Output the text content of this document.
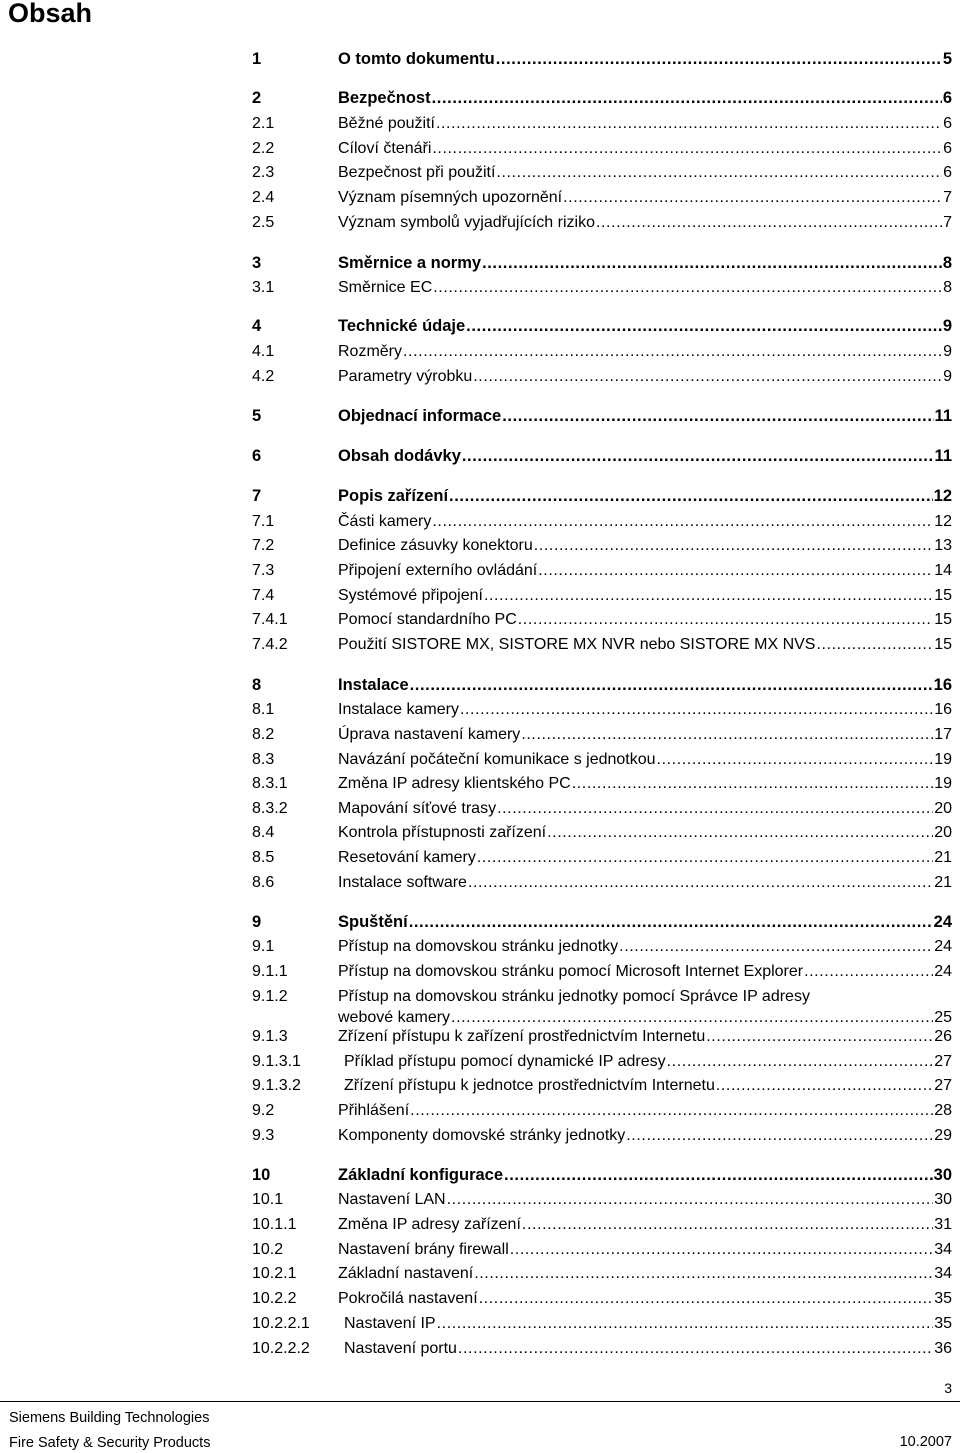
Obsah
1	O tomto dokumentu .....	5
2	Bezpečnost .....	6
2.1	Běžné použití .....	6
2.2	Cíloví čtenáři .....	6
2.3	Bezpečnost při použití .....	6
2.4	Význam písemných upozornění .....	7
2.5	Význam symbolů vyjadřujících riziko .....	7
3	Směrnice a normy .....	8
3.1	Směrnice EC .....	8
4	Technické údaje .....	9
4.1	Rozměry .....	9
4.2	Parametry výrobku .....	9
5	Objednací informace .....	11
6	Obsah dodávky .....	11
7	Popis zařízení .....	12
7.1	Části kamery .....	12
7.2	Definice zásuvky konektoru .....	13
7.3	Připojení externího ovládání .....	14
7.4	Systémové připojení .....	15
7.4.1	Pomocí standardního PC .....	15
7.4.2	Použití SISTORE MX, SISTORE MX NVR nebo SISTORE MX NVS .....	15
8	Instalace .....	16
8.1	Instalace kamery .....	16
8.2	Úprava nastavení kamery .....	17
8.3	Navázání počáteční komunikace s jednotkou .....	19
8.3.1	Změna IP adresy klientského PC .....	19
8.3.2	Mapování síťové trasy .....	20
8.4	Kontrola přístupnosti zařízení .....	20
8.5	Resetování kamery .....	21
8.6	Instalace software .....	21
9	Spuštění .....	24
9.1	Přístup na domovskou stránku jednotky .....	24
9.1.1	Přístup na domovskou stránku pomocí Microsoft Internet Explorer .....	24
9.1.2	Přístup na domovskou stránku jednotky pomocí Správce IP adresy
webové kamery .....	25
9.1.3	Zřízení přístupu k zařízení prostřednictvím Internetu .....	26
9.1.3.1	Příklad přístupu pomocí dynamické IP adresy .....	27
9.1.3.2	Zřízení přístupu k jednotce prostřednictvím Internetu .....	27
9.2	Přihlášení .....	28
9.3	Komponenty domovské stránky jednotky .....	29
10	Základní konfigurace .....	30
10.1	Nastavení LAN .....	30
10.1.1	Změna IP adresy zařízení .....	31
10.2	Nastavení brány firewall .....	34
10.2.1	Základní nastavení .....	34
10.2.2	Pokročilá nastavení .....	35
10.2.2.1 Nastavení IP .....	35
10.2.2.2 Nastavení portu .....	36
3
Siemens Building Technologies
Fire Safety & Security Products	10.2007
